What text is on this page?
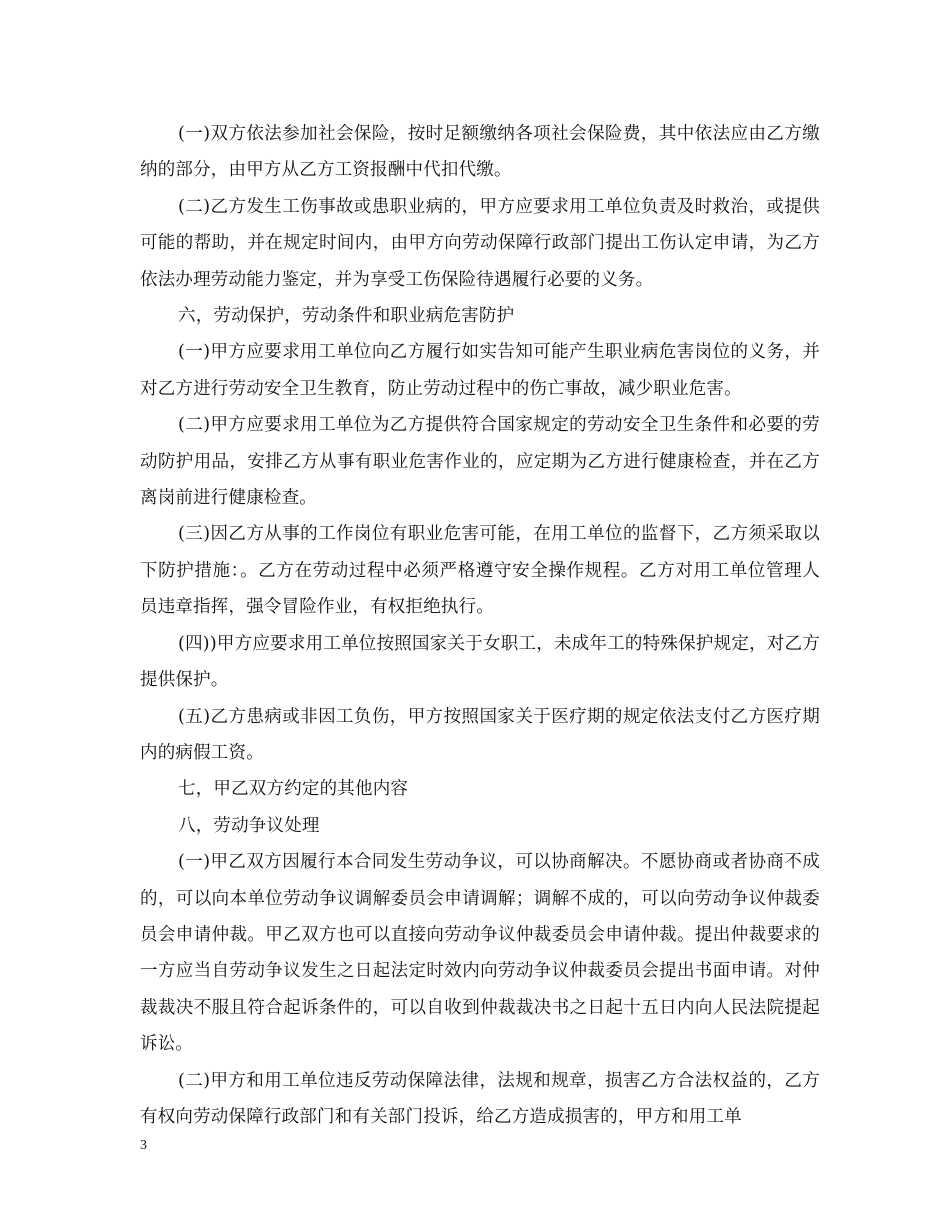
(一)双方依法参加社会保险，按时足额缴纳各项社会保险费，其中依法应由乙方缴纳的部分，由甲方从乙方工资报酬中代扣代缴。

(二)乙方发生工伤事故或患职业病的，甲方应要求用工单位负责及时救治，或提供可能的帮助，并在规定时间内，由甲方向劳动保障行政部门提出工伤认定申请，为乙方依法办理劳动能力鉴定，并为享受工伤保险待遇履行必要的义务。

六，劳动保护，劳动条件和职业病危害防护

(一)甲方应要求用工单位向乙方履行如实告知可能产生职业病危害岗位的义务，并对乙方进行劳动安全卫生教育，防止劳动过程中的伤亡事故，减少职业危害。

(二)甲方应要求用工单位为乙方提供符合国家规定的劳动安全卫生条件和必要的劳动防护用品，安排乙方从事有职业危害作业的，应定期为乙方进行健康检查，并在乙方离岗前进行健康检查。

(三)因乙方从事的工作岗位有职业危害可能，在用工单位的监督下，乙方须采取以下防护措施：。乙方在劳动过程中必须严格遵守安全操作规程。乙方对用工单位管理人员违章指挥，强令冒险作业，有权拒绝执行。

(四))甲方应要求用工单位按照国家关于女职工，未成年工的特殊保护规定，对乙方提供保护。

(五)乙方患病或非因工负伤，甲方按照国家关于医疗期的规定依法支付乙方医疗期内的病假工资。

七，甲乙双方约定的其他内容

八，劳动争议处理

(一)甲乙双方因履行本合同发生劳动争议，可以协商解决。不愿协商或者协商不成的，可以向本单位劳动争议调解委员会申请调解；调解不成的，可以向劳动争议仲裁委员会申请仲裁。甲乙双方也可以直接向劳动争议仲裁委员会申请仲裁。提出仲裁要求的一方应当自劳动争议发生之日起法定时效内向劳动争议仲裁委员会提出书面申请。对仲裁裁决不服且符合起诉条件的，可以自收到仲裁裁决书之日起十五日内向人民法院提起诉讼。

(二)甲方和用工单位违反劳动保障法律，法规和规章，损害乙方合法权益的，乙方有权向劳动保障行政部门和有关部门投诉，给乙方造成损害的，甲方和用工单

3
